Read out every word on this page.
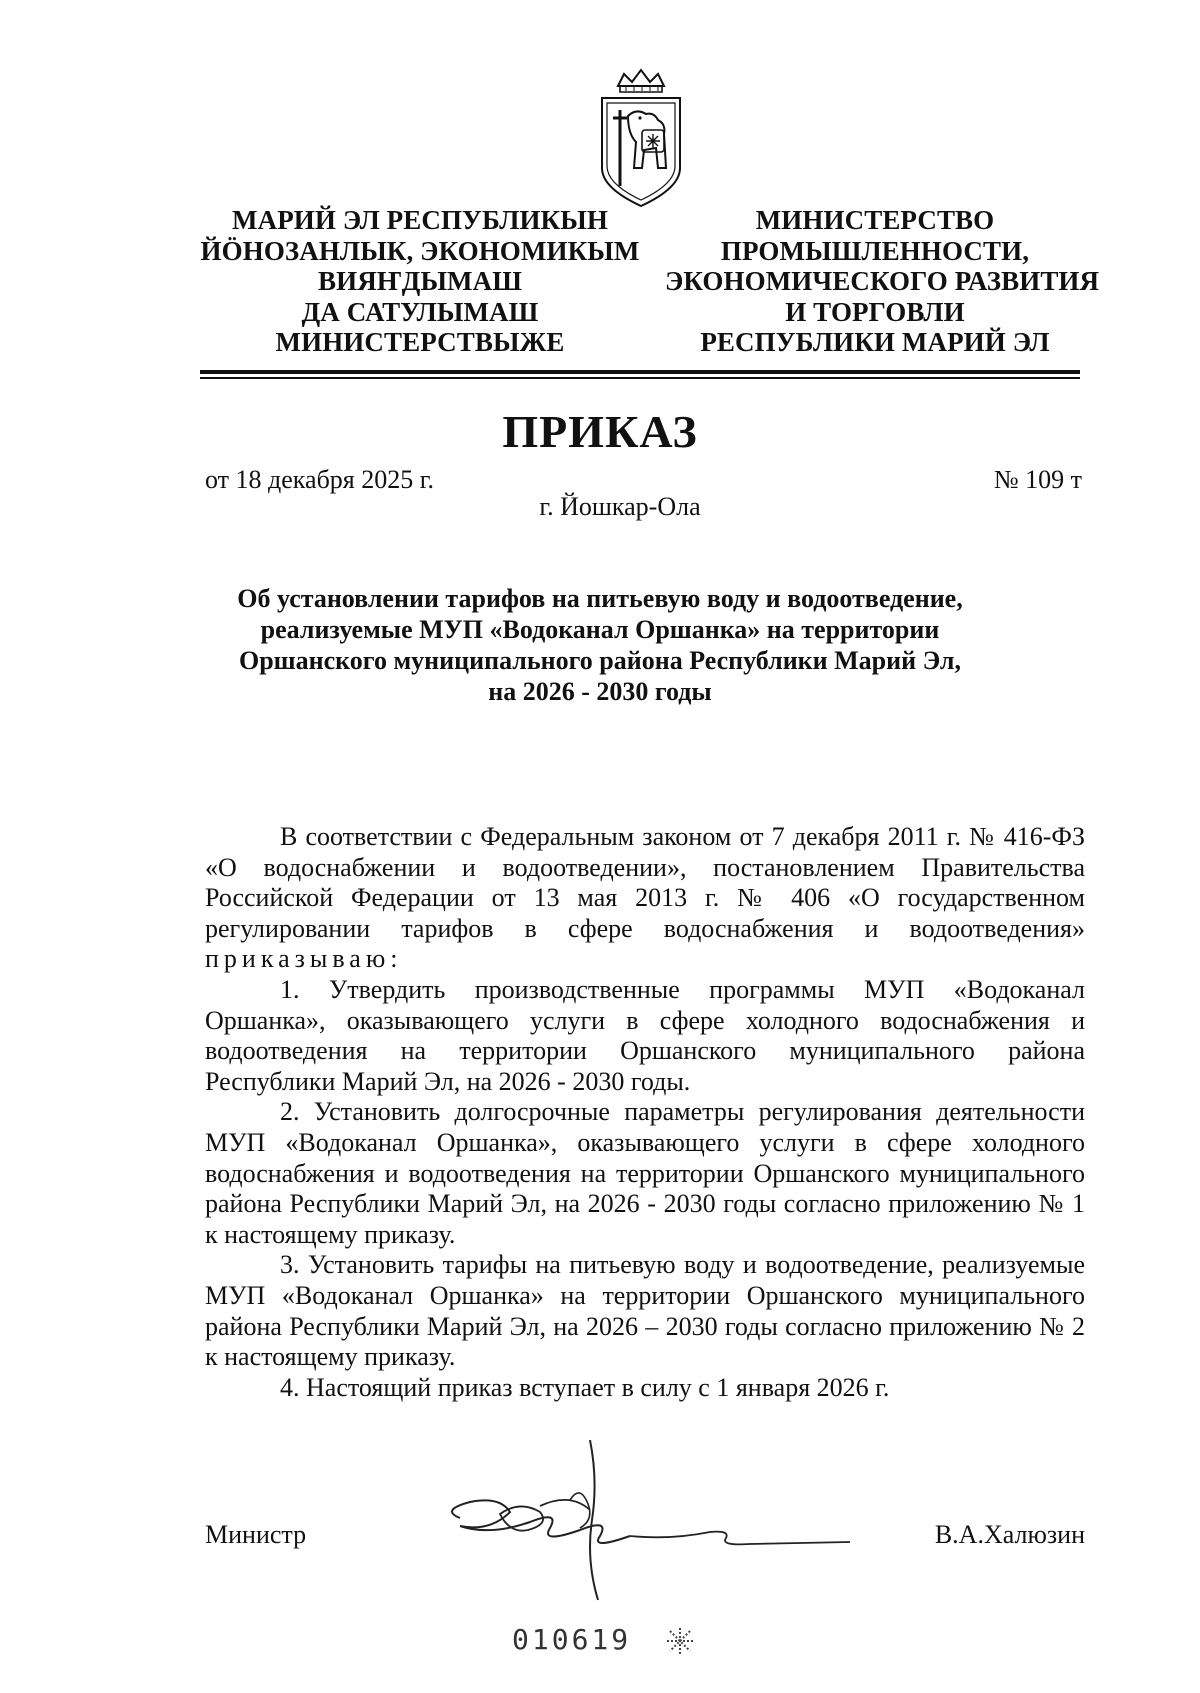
МАРИЙ ЭЛ РЕСПУБЛИКЫН
ЙÖНОЗАНЛЫК, ЭКОНОМИКЫМ
ВИЯҤДЫМАШ
ДА САТУЛЫМАШ
МИНИСТЕРСТВЫЖЕ
МИНИСТЕРСТВО
ПРОМЫШЛЕННОСТИ,
ЭКОНОМИЧЕСКОГО РАЗВИТИЯ
И ТОРГОВЛИ
РЕСПУБЛИКИ МАРИЙ ЭЛ
ПРИКАЗ
от 18 декабря 2025 г.	№ 109 т
г. Йошкар-Ола
Об установлении тарифов на питьевую воду и водоотведение,
реализуемые МУП «Водоканал Оршанка» на территории
Оршанского муниципального района Республики Марий Эл,
на 2026 - 2030 годы

В соответствии с Федеральным законом от 7 декабря 2011 г. № 416-ФЗ «О водоснабжении и водоотведении», постановлением Правительства Российской Федерации от 13 мая 2013 г. № 406 «О государственном регулировании тарифов в сфере водоснабжения и водоотведения» приказываю:

1. Утвердить производственные программы МУП «Водоканал Оршанка», оказывающего услуги в сфере холодного водоснабжения и водоотведения на территории Оршанского муниципального района Республики Марий Эл, на 2026 - 2030 годы.

2. Установить долгосрочные параметры регулирования деятельности МУП «Водоканал Оршанка», оказывающего услуги в сфере холодного водоснабжения и водоотведения на территории Оршанского муниципального района Республики Марий Эл, на 2026 - 2030 годы согласно приложению № 1 к настоящему приказу.

3. Установить тарифы на питьевую воду и водоотведение, реализуемые МУП «Водоканал Оршанка» на территории Оршанского муниципального района Республики Марий Эл, на 2026 – 2030 годы согласно приложению № 2 к настоящему приказу.

4. Настоящий приказ вступает в силу с 1 января 2026 г.

Министр	В.А.Халюзин
010619
